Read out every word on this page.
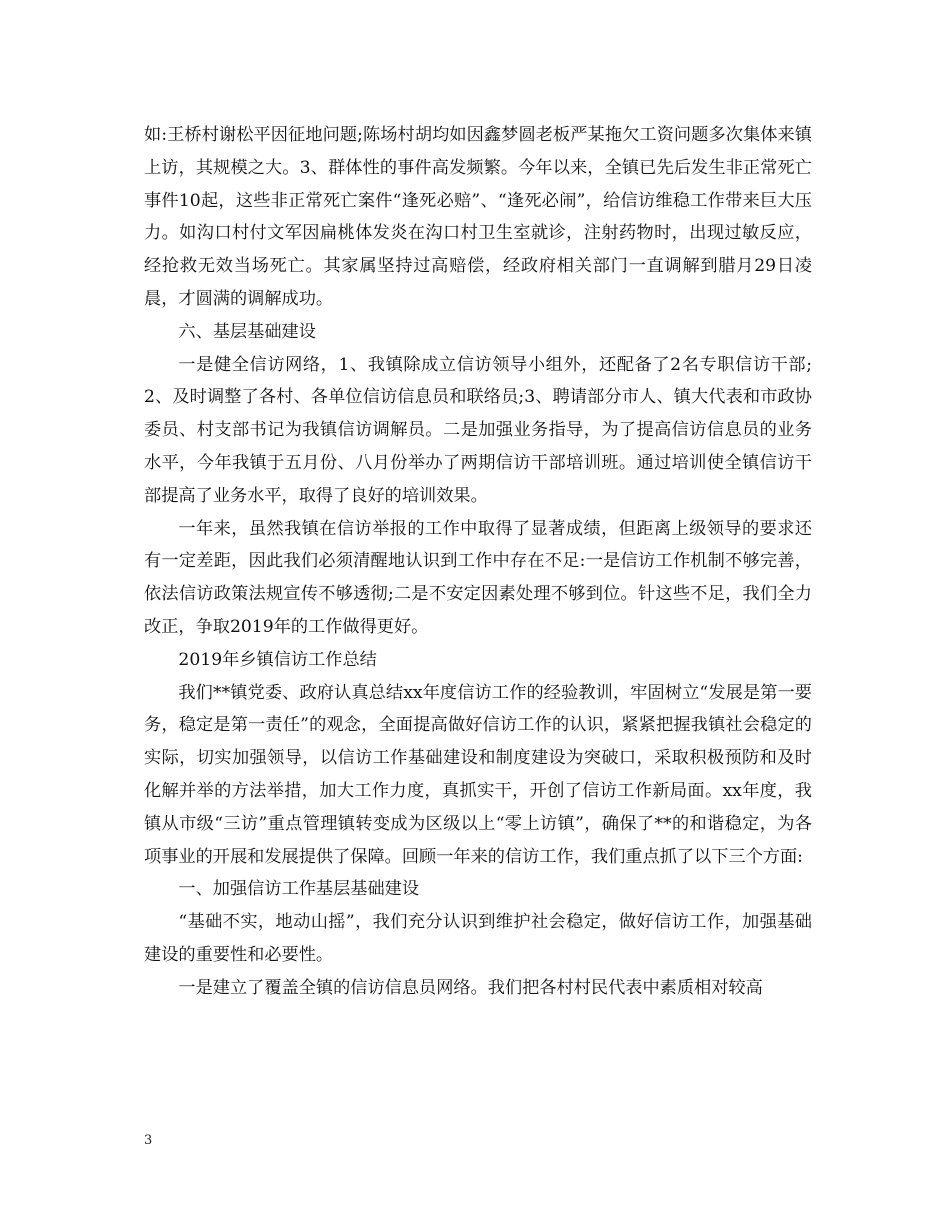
如:王桥村谢松平因征地问题;陈场村胡均如因鑫梦圆老板严某拖欠工资问题多次集体来镇上访，其规模之大。3、群体性的事件高发频繁。今年以来，全镇已先后发生非正常死亡事件10起，这些非正常死亡案件“逢死必赔”、“逢死必闹”，给信访维稳工作带来巨大压力。如沟口村付文军因扁桃体发炎在沟口村卫生室就诊，注射药物时，出现过敏反应，经抢救无效当场死亡。其家属坚持过高赔偿，经政府相关部门一直调解到腊月29日凌晨，才圆满的调解成功。

六、基层基础建设

一是健全信访网络，1、我镇除成立信访领导小组外，还配备了2名专职信访干部;2、及时调整了各村、各单位信访信息员和联络员;3、聘请部分市人、镇大代表和市政协委员、村支部书记为我镇信访调解员。二是加强业务指导，为了提高信访信息员的业务水平，今年我镇于五月份、八月份举办了两期信访干部培训班。通过培训使全镇信访干部提高了业务水平，取得了良好的培训效果。

一年来，虽然我镇在信访举报的工作中取得了显著成绩，但距离上级领导的要求还有一定差距，因此我们必须清醒地认识到工作中存在不足:一是信访工作机制不够完善，依法信访政策法规宣传不够透彻;二是不安定因素处理不够到位。针这些不足，我们全力改正，争取2019年的工作做得更好。

2019年乡镇信访工作总结

我们**镇党委、政府认真总结xx年度信访工作的经验教训，牢固树立“发展是第一要务，稳定是第一责任”的观念，全面提高做好信访工作的认识，紧紧把握我镇社会稳定的实际，切实加强领导，以信访工作基础建设和制度建设为突破口，采取积极预防和及时化解并举的方法举措，加大工作力度，真抓实干，开创了信访工作新局面。xx年度，我镇从市级“三访”重点管理镇转变成为区级以上“零上访镇”，确保了**的和谐稳定，为各项事业的开展和发展提供了保障。回顾一年来的信访工作，我们重点抓了以下三个方面:

一、加强信访工作基层基础建设

“基础不实，地动山摇”，我们充分认识到维护社会稳定，做好信访工作，加强基础建设的重要性和必要性。

一是建立了覆盖全镇的信访信息员网络。我们把各村村民代表中素质相对较高

3
